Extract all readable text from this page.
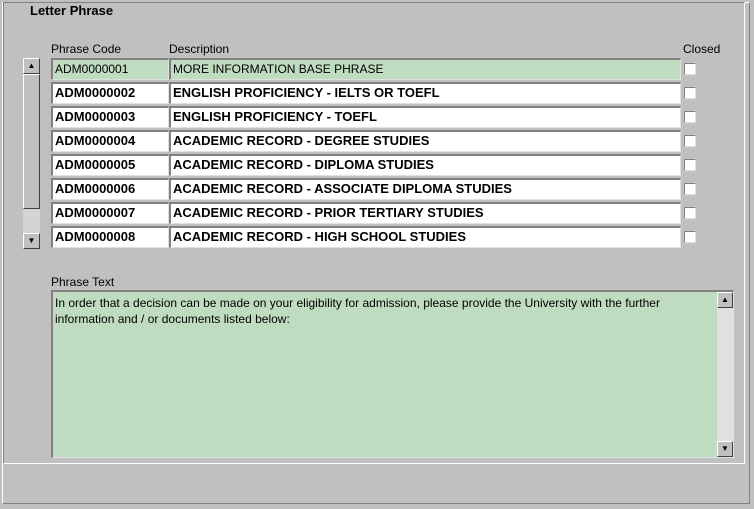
Letter Phrase
Phrase Code	Description	Closed
▲
▼
ADM0000001	MORE INFORMATION BASE PHRASE
ADM0000002	ENGLISH PROFICIENCY - IELTS OR TOEFL
ADM0000003	ENGLISH PROFICIENCY - TOEFL
ADM0000004	ACADEMIC RECORD - DEGREE STUDIES
ADM0000005	ACADEMIC RECORD - DIPLOMA STUDIES
ADM0000006	ACADEMIC RECORD - ASSOCIATE DIPLOMA STUDIES
ADM0000007	ACADEMIC RECORD - PRIOR TERTIARY STUDIES
ADM0000008	ACADEMIC RECORD - HIGH SCHOOL STUDIES
Phrase Text
In order that a decision can be made on your eligibility for admission, please provide the University with the further information and / or documents listed below:
▲
▼
